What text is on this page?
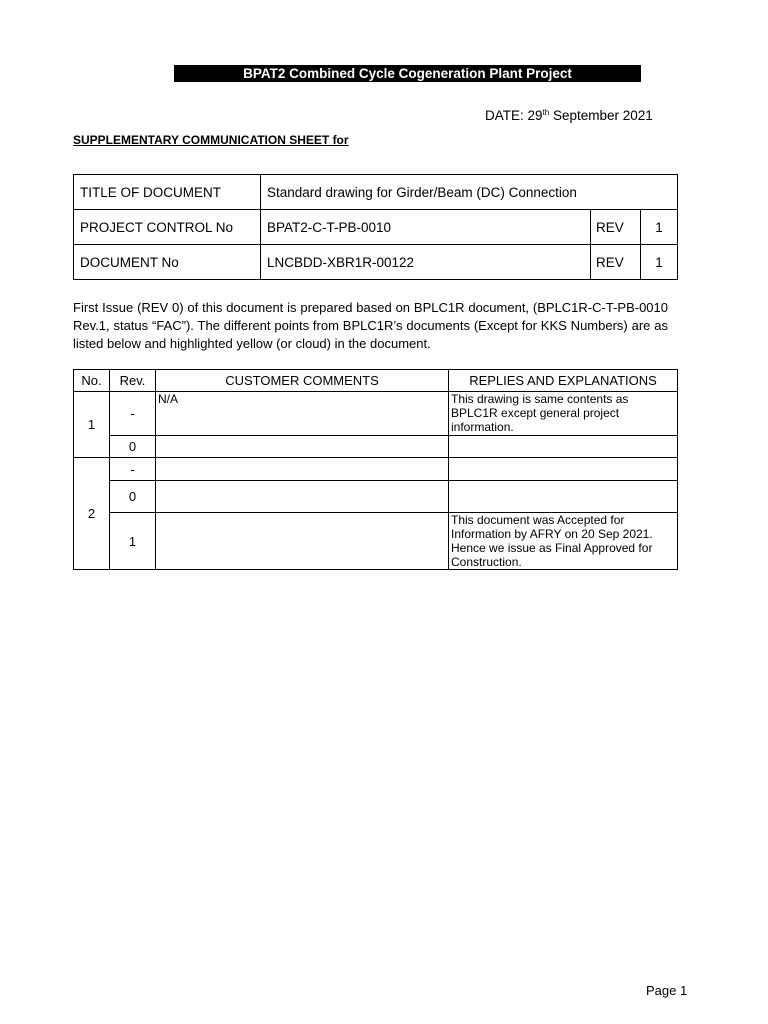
BPAT2 Combined Cycle Cogeneration Plant Project
DATE: 29th September 2021
SUPPLEMENTARY COMMUNICATION SHEET for
TITLE OF DOCUMENT	Standard drawing for Girder/Beam (DC) Connection		
PROJECT CONTROL No	BPAT2-C-T-PB-0010	REV	1
DOCUMENT No	LNCBDD-XBR1R-00122	REV	1
First Issue (REV 0) of this document is prepared based on BPLC1R document, (BPLC1R-C-T-PB-0010 Rev.1, status “FAC”). The different points from BPLC1R’s documents (Except for KKS Numbers) are as listed below and highlighted yellow (or cloud) in the document.
No.	Rev.	CUSTOMER COMMENTS	REPLIES AND EXPLANATIONS
1	-	N/A	This drawing is same contents as BPLC1R except general project information.
	0		
2	-		
	0		
	1		This document was Accepted for Information by AFRY on 20 Sep 2021. Hence we issue as Final Approved for Construction.
Page 1
